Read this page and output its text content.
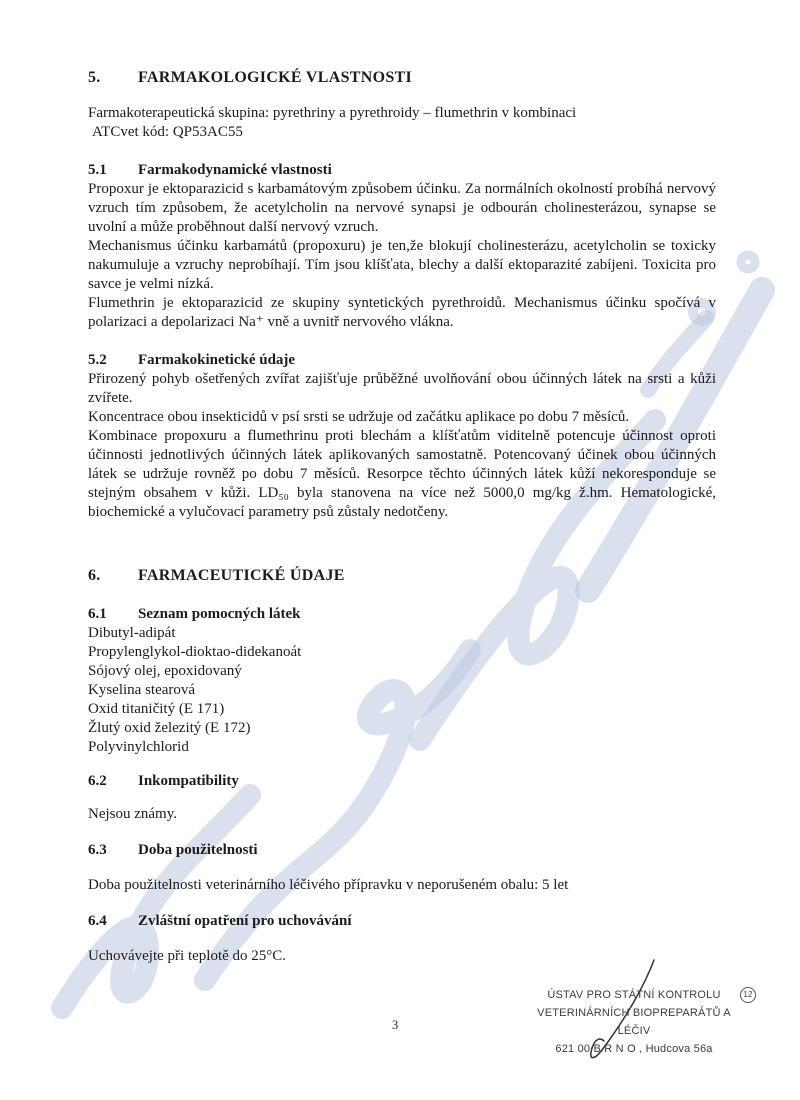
5.	FARMAKOLOGICKÉ VLASTNOSTI
Farmakoterapeutická skupina: pyrethriny a pyrethroidy – flumethrin v kombinaci
ATCvet kód: QP53AC55
5.1	Farmakodynamické vlastnosti
Propoxur je ektoparazicid s karbamátovým způsobem účinku. Za normálních okolností probíhá nervový vzruch tím způsobem, že acetylcholin na nervové synapsi je odbourán cholinesterázou, synapse se uvolní a může proběhnout další nervový vzruch.
Mechanismus účinku karbamátů (propoxuru) je ten,že blokují cholinesterázu, acetylcholin se toxicky nakumuluje a vzruchy neprobíhají. Tím jsou klíšťata, blechy a další ektoparazité zabíjeni. Toxicita pro savce je velmi nízká.
Flumethrin je ektoparazicid ze skupiny syntetických pyrethroidů. Mechanismus účinku spočívá v polarizaci a depolarizaci Na⁺ vně a uvnitř nervového vlákna.
5.2	Farmakokinetické údaje
Přirozený pohyb ošetřených zvířat zajišťuje průběžné uvolňování obou účinných látek na srsti a kůži zvířete.
Koncentrace obou insekticidů v psí srsti se udržuje od začátku aplikace po dobu 7 měsíců.
Kombinace propoxuru a flumethrinu proti blechám a klíšťatům viditelně potencuje účinnost oproti účinnosti jednotlivých účinných látek aplikovaných samostatně. Potencovaný účinek obou účinných látek se udržuje rovněž po dobu 7 měsíců. Resorpce těchto účinných látek kůží nekoresponduje se stejným obsahem v kůži. LD₅₀ byla stanovena na více než 5000,0 mg/kg ž.hm. Hematologické, biochemické a vylučovací parametry psů zůstaly nedotčeny.
6.	FARMACEUTICKÉ ÚDAJE
6.1	Seznam pomocných látek
Dibutyl-adipát
Propylenglykol-dioktao-didekanoát
Sójový olej, epoxidovaný
Kyselina stearová
Oxid titaničitý (E 171)
Žlutý oxid železitý (E 172)
Polyvinylchlorid
6.2	Inkompatibility
Nejsou známy.
6.3	Doba použitelnosti
Doba použitelnosti veterinárního léčivého přípravku v neporušeném obalu: 5 let
6.4	Zvláštní opatření pro uchovávání
Uchovávejte při teplotě do 25°C.
ÚSTAV PRO STÁTNÍ KONTROLU	12
VETERINÁRNÍCH BIOPREPARÁTŮ A LÉČIV
621 00 B R N O , Hudcova 56a
3
